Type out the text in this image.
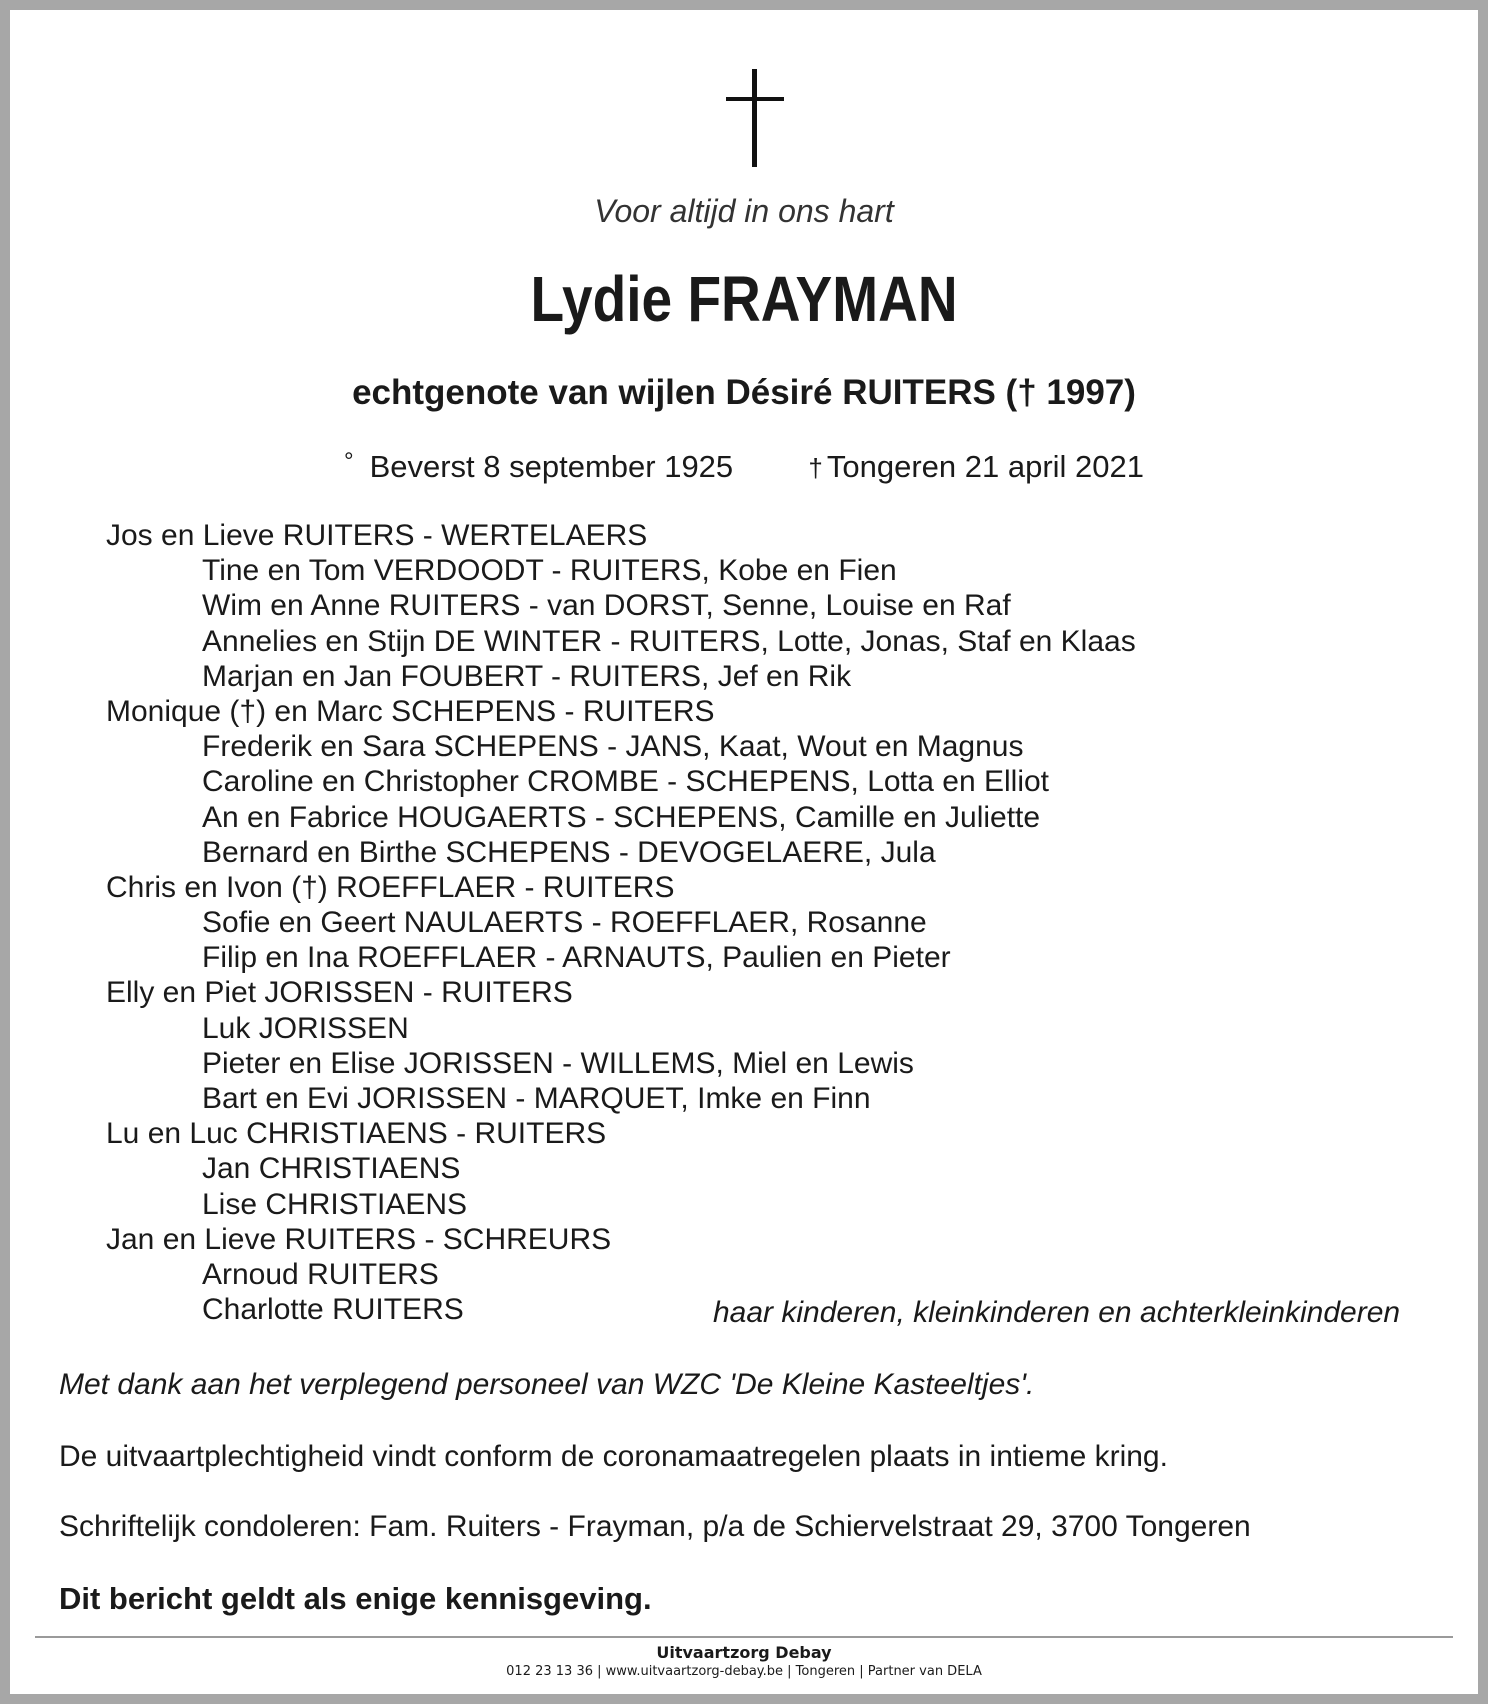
Voor altijd in ons hart
Lydie FRAYMAN
echtgenote van wijlen Désiré RUITERS († 1997)
° Beverst 8 september 1925	† Tongeren 21 april 2021
Jos en Lieve RUITERS - WERTELAERS
Tine en Tom VERDOODT - RUITERS, Kobe en Fien
Wim en Anne RUITERS - van DORST, Senne, Louise en Raf
Annelies en Stijn DE WINTER - RUITERS, Lotte, Jonas, Staf en Klaas
Marjan en Jan FOUBERT - RUITERS, Jef en Rik
Monique (†) en Marc SCHEPENS - RUITERS
Frederik en Sara SCHEPENS - JANS, Kaat, Wout en Magnus
Caroline en Christopher CROMBE - SCHEPENS, Lotta en Elliot
An en Fabrice HOUGAERTS - SCHEPENS, Camille en Juliette
Bernard en Birthe SCHEPENS - DEVOGELAERE, Jula
Chris en Ivon (†) ROEFFLAER - RUITERS
Sofie en Geert NAULAERTS - ROEFFLAER, Rosanne
Filip en Ina ROEFFLAER - ARNAUTS, Paulien en Pieter
Elly en Piet JORISSEN - RUITERS
Luk JORISSEN
Pieter en Elise JORISSEN - WILLEMS, Miel en Lewis
Bart en Evi JORISSEN - MARQUET, Imke en Finn
Lu en Luc CHRISTIAENS - RUITERS
Jan CHRISTIAENS
Lise CHRISTIAENS
Jan en Lieve RUITERS - SCHREURS
Arnoud RUITERS
Charlotte RUITERS	haar kinderen, kleinkinderen en achterkleinkinderen
Met dank aan het verplegend personeel van WZC 'De Kleine Kasteeltjes'.
De uitvaartplechtigheid vindt conform de coronamaatregelen plaats in intieme kring.
Schriftelijk condoleren: Fam. Ruiters - Frayman, p/a de Schiervelstraat 29, 3700 Tongeren
Dit bericht geldt als enige kennisgeving.
Uitvaartzorg Debay
012 23 13 36 | www.uitvaartzorg-debay.be | Tongeren | Partner van DELA
